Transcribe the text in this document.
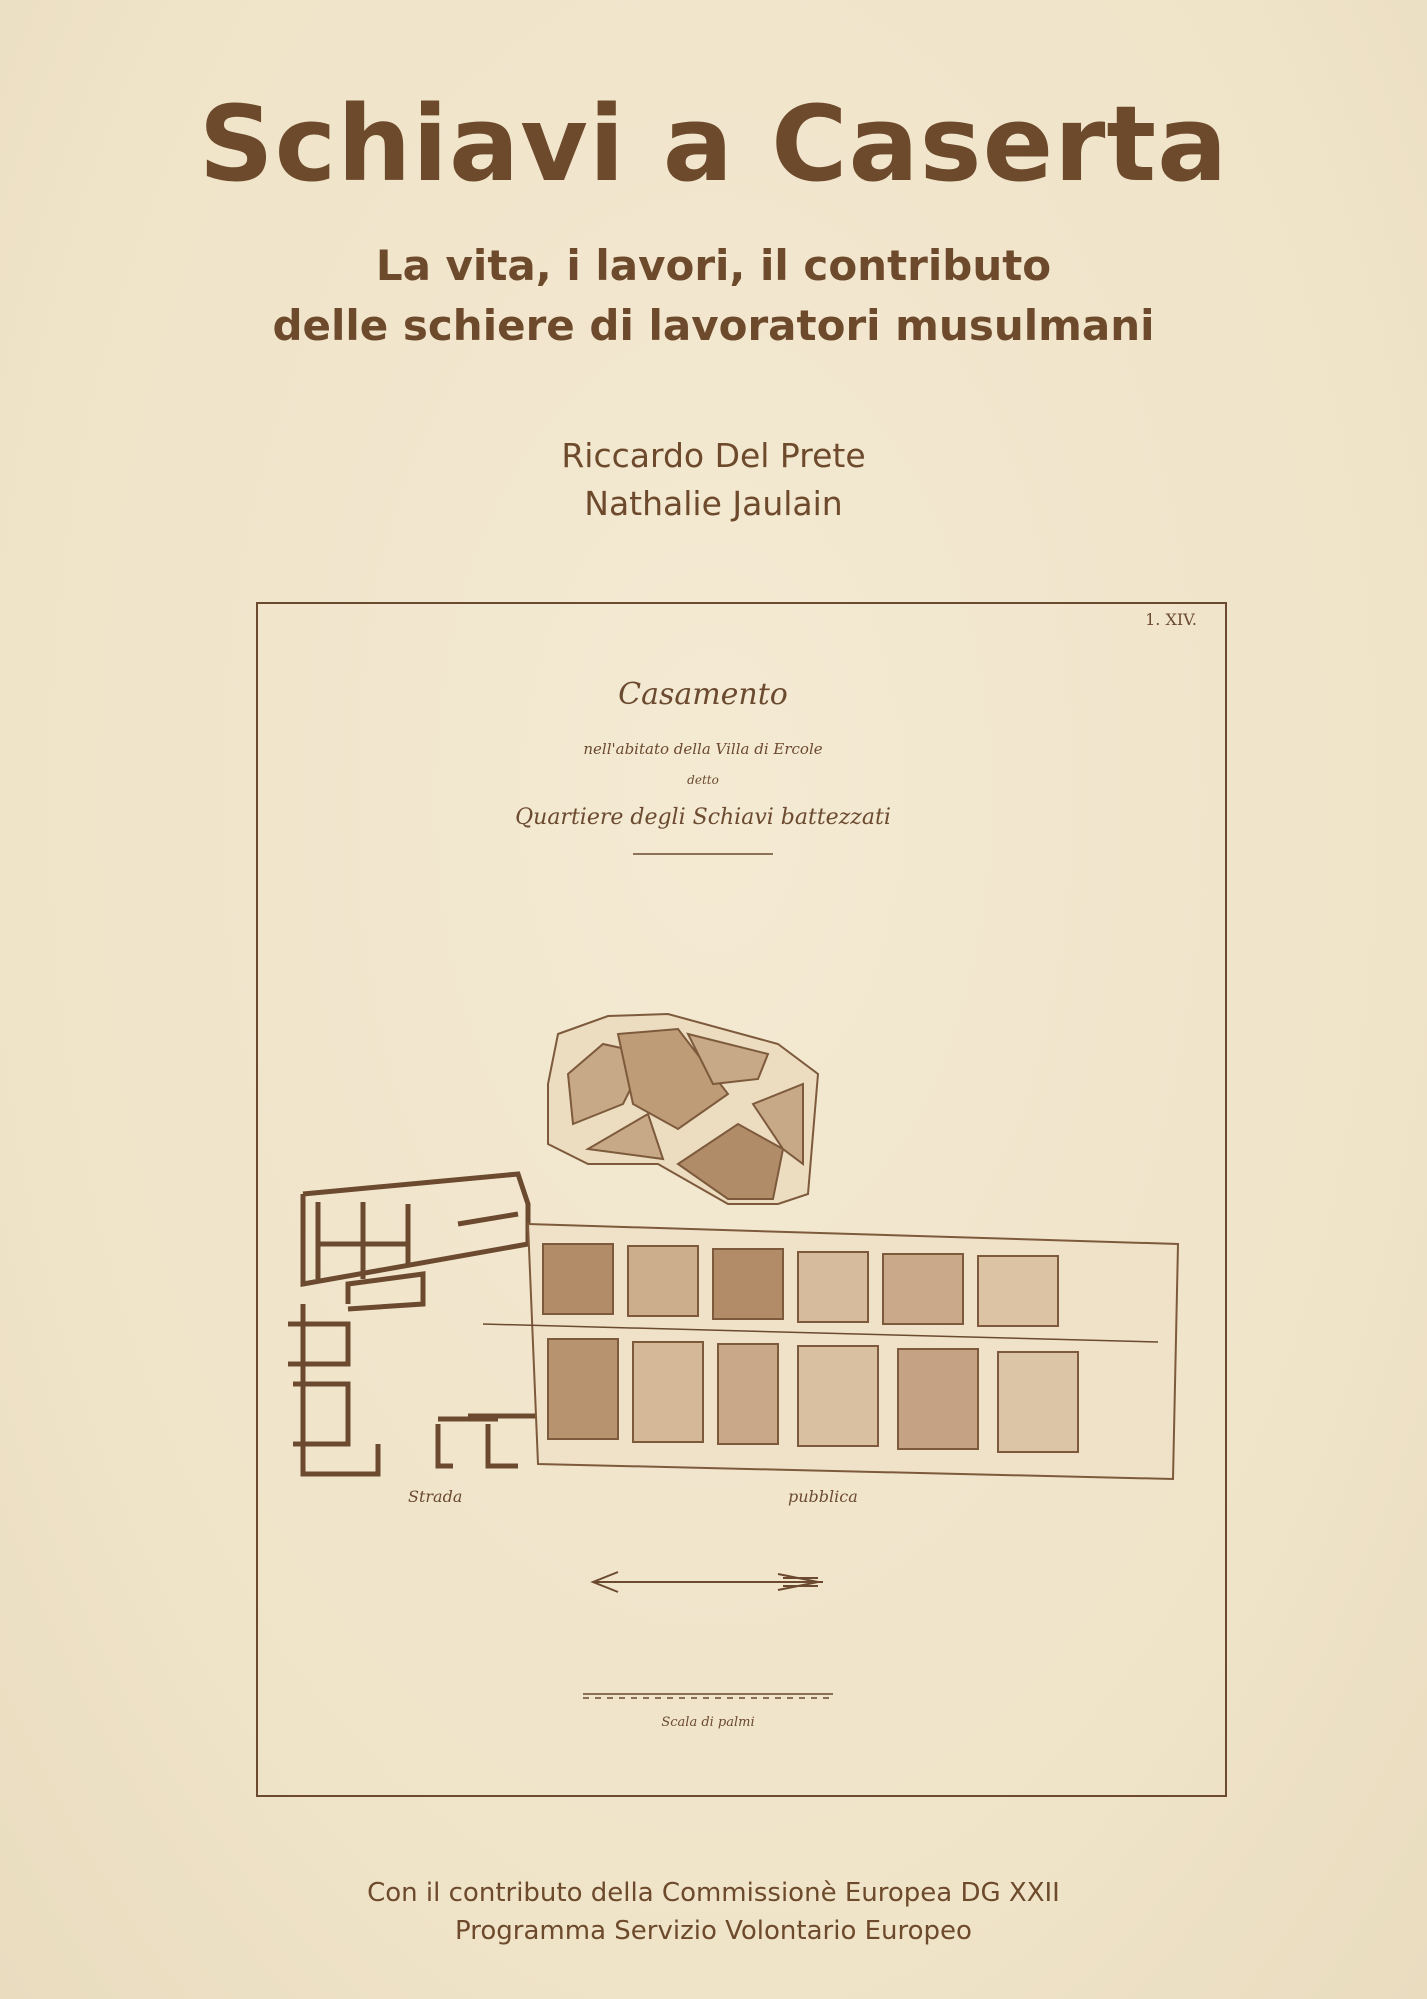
Schiavi a Caserta
La vita, i lavori, il contributo
delle schiere di lavoratori musulmani
Riccardo Del Prete
Nathalie Jaulain
1. XIV.
Casamento
nell'abitato della Villa di Ercole
detto
Quartiere degli Schiavi battezzati
Strada	pubblica
Scala di palmi
Con il contributo della Commissionè Europea DG XXII
Programma Servizio Volontario Europeo
